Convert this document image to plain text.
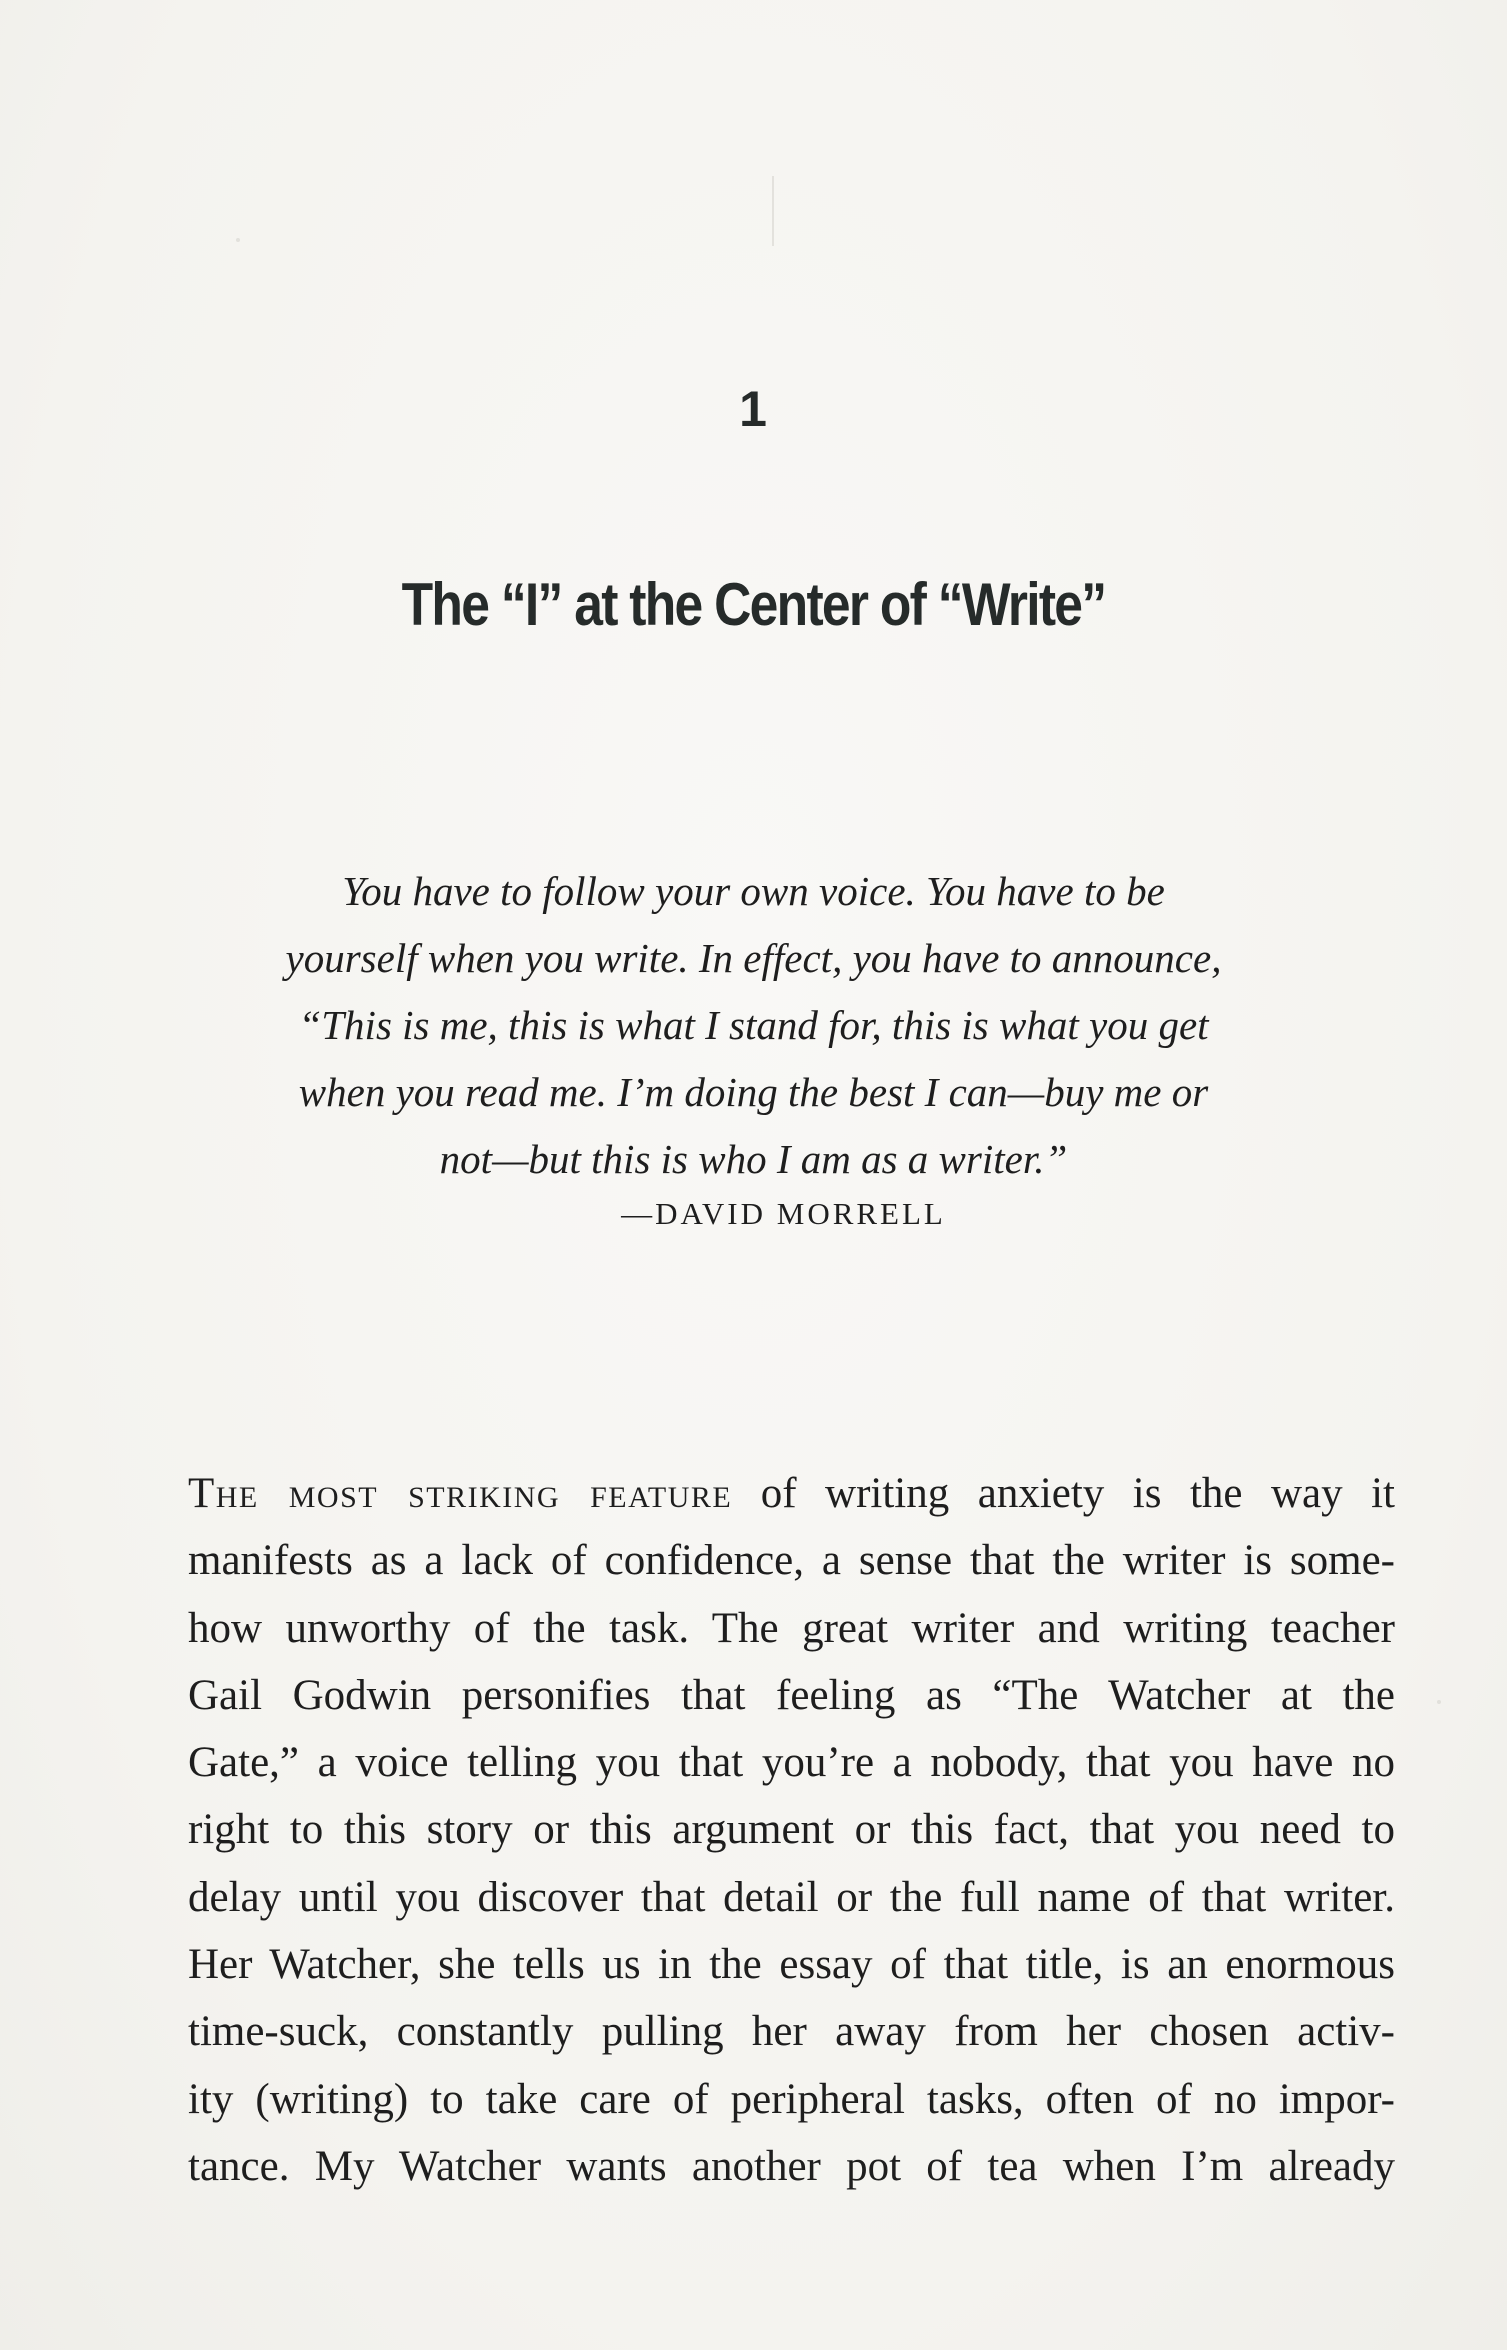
1
The “I” at the Center of “Write”
You have to follow your own voice. You have to be
yourself when you write. In effect, you have to announce,
“This is me, this is what I stand for, this is what you get
when you read me. I’m doing the best I can—buy me or
not—but this is who I am as a writer.”
—DAVID MORRELL
The most striking feature of writing anxiety is the way it
manifests as a lack of confidence, a sense that the writer is some-
how unworthy of the task. The great writer and writing teacher
Gail Godwin personifies that feeling as “The Watcher at the
Gate,” a voice telling you that you’re a nobody, that you have no
right to this story or this argument or this fact, that you need to
delay until you discover that detail or the full name of that writer.
Her Watcher, she tells us in the essay of that title, is an enormous
time-suck, constantly pulling her away from her chosen activ-
ity (writing) to take care of peripheral tasks, often of no impor-
tance. My Watcher wants another pot of tea when I’m already
